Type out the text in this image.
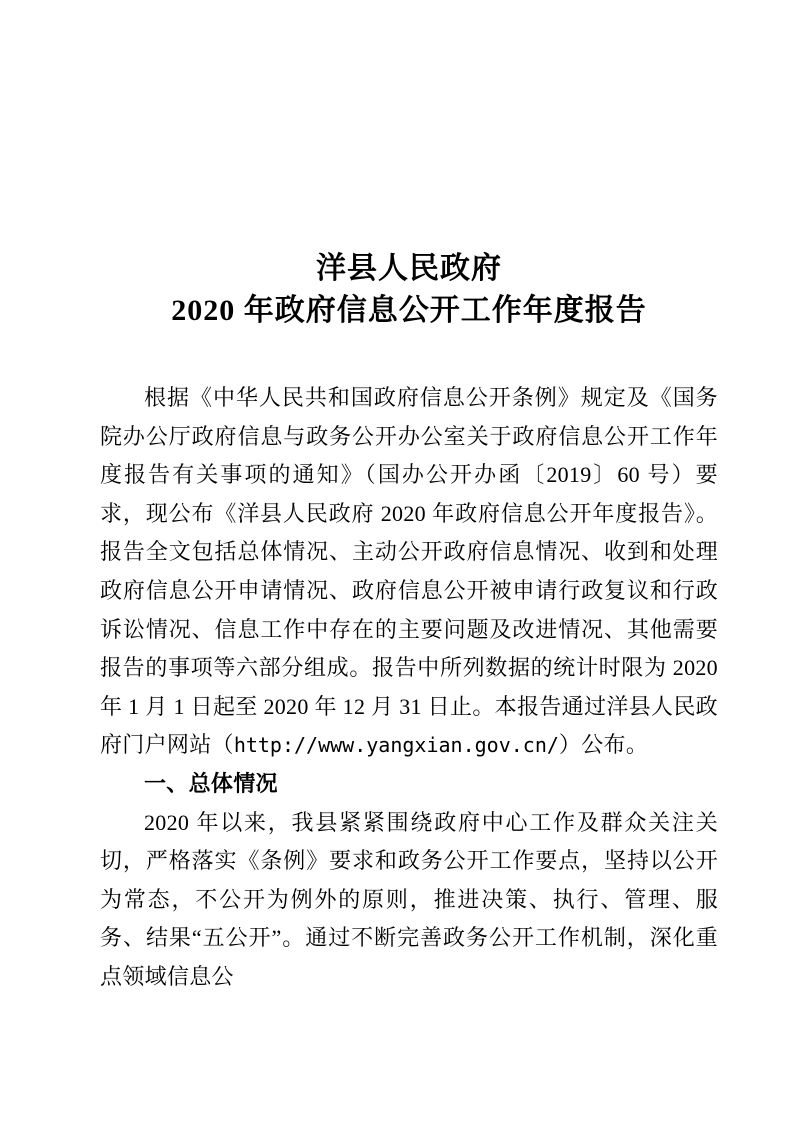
洋县人民政府
2020 年政府信息公开工作年度报告

根据《中华人民共和国政府信息公开条例》规定及《国务院办公厅政府信息与政务公开办公室关于政府信息公开工作年度报告有关事项的通知》（国办公开办函〔2019〕60 号）要求，现公布《洋县人民政府 2020 年政府信息公开年度报告》。报告全文包括总体情况、主动公开政府信息情况、收到和处理政府信息公开申请情况、政府信息公开被申请行政复议和行政诉讼情况、信息工作中存在的主要问题及改进情况、其他需要报告的事项等六部分组成。报告中所列数据的统计时限为 2020 年 1 月 1 日起至 2020 年 12 月 31 日止。本报告通过洋县人民政府门户网站（http://www.yangxian.gov.cn/）公布。

一、总体情况

2020 年以来，我县紧紧围绕政府中心工作及群众关注关切，严格落实《条例》要求和政务公开工作要点，坚持以公开为常态，不公开为例外的原则，推进决策、执行、管理、服务、结果“五公开”。通过不断完善政务公开工作机制，深化重点领域信息公
